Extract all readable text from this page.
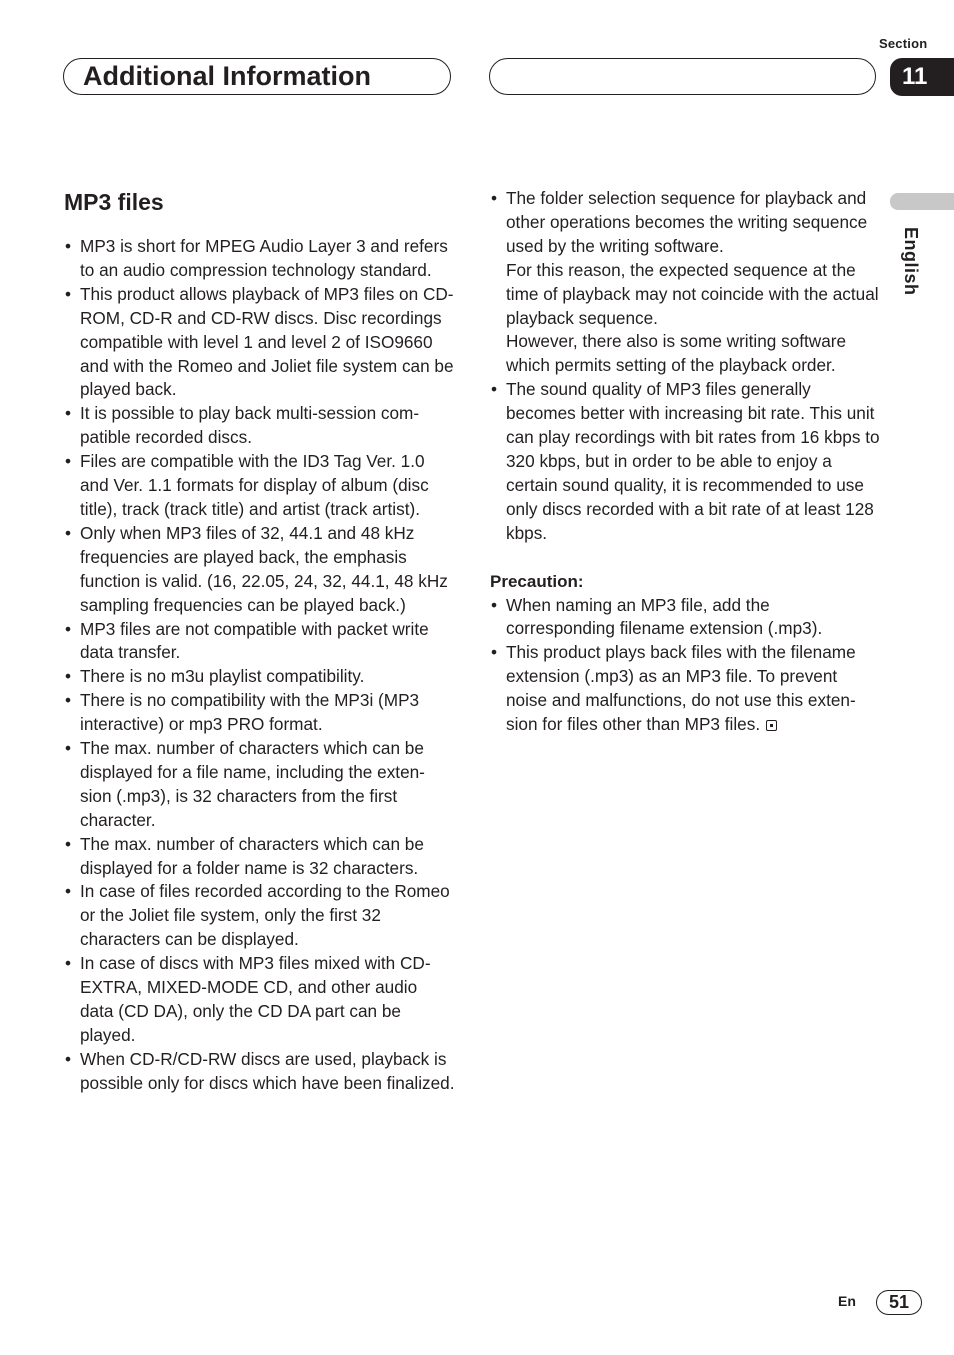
Section
Additional Information	11
English
MP3 files
• MP3 is short for MPEG Audio Layer 3 and refers to an audio compression technology standard.
• This product allows playback of MP3 files on CD-ROM, CD-R and CD-RW discs. Disc recordings compatible with level 1 and level 2 of ISO9660 and with the Romeo and Joliet file system can be played back.
• It is possible to play back multi-session com-patible recorded discs.
• Files are compatible with the ID3 Tag Ver. 1.0 and Ver. 1.1 formats for display of album (disc title), track (track title) and artist (track artist).
• Only when MP3 files of 32, 44.1 and 48 kHz frequencies are played back, the emphasis function is valid. (16, 22.05, 24, 32, 44.1, 48 kHz sampling frequencies can be played back.)
• MP3 files are not compatible with packet write data transfer.
• There is no m3u playlist compatibility.
• There is no compatibility with the MP3i (MP3 interactive) or mp3 PRO format.
• The max. number of characters which can be displayed for a file name, including the exten-sion (.mp3), is 32 characters from the first character.
• The max. number of characters which can be displayed for a folder name is 32 characters.
• In case of files recorded according to the Romeo or the Joliet file system, only the first 32 characters can be displayed.
• In case of discs with MP3 files mixed with CD-EXTRA, MIXED-MODE CD, and other audio data (CD DA), only the CD DA part can be played.
• When CD-R/CD-RW discs are used, playback is possible only for discs which have been finalized.
• The folder selection sequence for playback and other operations becomes the writing sequence used by the writing software.
For this reason, the expected sequence at the time of playback may not coincide with the actual playback sequence.
However, there also is some writing software which permits setting of the playback order.
• The sound quality of MP3 files generally becomes better with increasing bit rate. This unit can play recordings with bit rates from 16 kbps to 320 kbps, but in order to be able to enjoy a certain sound quality, it is recommended to use only discs recorded with a bit rate of at least 128 kbps.
Precaution:
• When naming an MP3 file, add the corresponding filename extension (.mp3).
• This product plays back files with the filename extension (.mp3) as an MP3 file. To prevent noise and malfunctions, do not use this exten-sion for files other than MP3 files.
En	51
